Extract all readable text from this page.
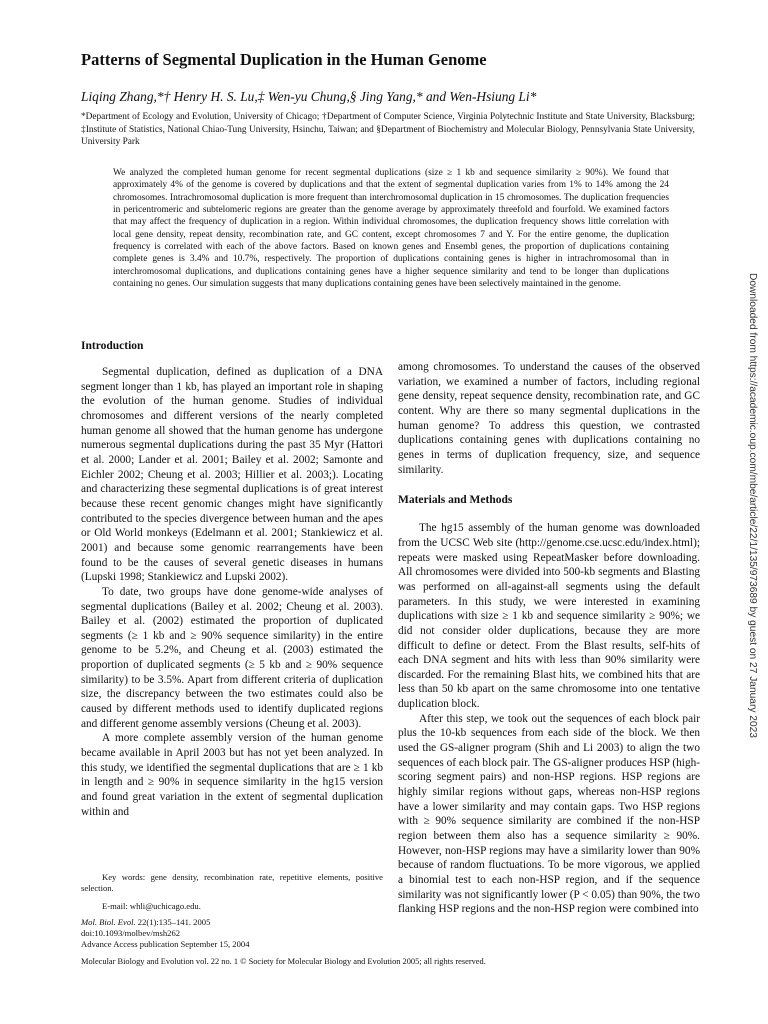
Patterns of Segmental Duplication in the Human Genome
Liqing Zhang,*† Henry H. S. Lu,‡ Wen-yu Chung,§ Jing Yang,* and Wen-Hsiung Li*
*Department of Ecology and Evolution, University of Chicago; †Department of Computer Science, Virginia Polytechnic Institute and State University, Blacksburg; ‡Institute of Statistics, National Chiao-Tung University, Hsinchu, Taiwan; and §Department of Biochemistry and Molecular Biology, Pennsylvania State University, University Park
We analyzed the completed human genome for recent segmental duplications (size ≥ 1 kb and sequence similarity ≥ 90%). We found that approximately 4% of the genome is covered by duplications and that the extent of segmental duplication varies from 1% to 14% among the 24 chromosomes. Intrachromosomal duplication is more frequent than interchromosomal duplication in 15 chromosomes. The duplication frequencies in pericentromeric and subtelomeric regions are greater than the genome average by approximately threefold and fourfold. We examined factors that may affect the frequency of duplication in a region. Within individual chromosomes, the duplication frequency shows little correlation with local gene density, repeat density, recombination rate, and GC content, except chromosomes 7 and Y. For the entire genome, the duplication frequency is correlated with each of the above factors. Based on known genes and Ensembl genes, the proportion of duplications containing complete genes is 3.4% and 10.7%, respectively. The proportion of duplications containing genes is higher in intrachromosomal than in interchromosomal duplications, and duplications containing genes have a higher sequence similarity and tend to be longer than duplications containing no genes. Our simulation suggests that many duplications containing genes have been selectively maintained in the genome.
Introduction

Segmental duplication, defined as duplication of a DNA segment longer than 1 kb, has played an important role in shaping the evolution of the human genome. Studies of individual chromosomes and different versions of the nearly completed human genome all showed that the human genome has undergone numerous segmental duplications during the past 35 Myr (Hattori et al. 2000; Lander et al. 2001; Bailey et al. 2002; Samonte and Eichler 2002; Cheung et al. 2003; Hillier et al. 2003;). Locating and characterizing these segmental duplications is of great interest because these recent genomic changes might have significantly contributed to the species divergence between human and the apes or Old World monkeys (Edelmann et al. 2001; Stankiewicz et al. 2001) and because some genomic rearrangements have been found to be the causes of several genetic diseases in humans (Lupski 1998; Stankiewicz and Lupski 2002).

To date, two groups have done genome-wide analyses of segmental duplications (Bailey et al. 2002; Cheung et al. 2003). Bailey et al. (2002) estimated the proportion of duplicated segments (≥ 1 kb and ≥ 90% sequence similarity) in the entire genome to be 5.2%, and Cheung et al. (2003) estimated the proportion of duplicated segments (≥ 5 kb and ≥ 90% sequence similarity) to be 3.5%. Apart from different criteria of duplication size, the discrepancy between the two estimates could also be caused by different methods used to identify duplicated regions and different genome assembly versions (Cheung et al. 2003).

A more complete assembly version of the human genome became available in April 2003 but has not yet been analyzed. In this study, we identified the segmental duplications that are ≥ 1 kb in length and ≥ 90% in sequence similarity in the hg15 version and found great variation in the extent of segmental duplication within and

Key words: gene density, recombination rate, repetitive elements, positive selection.

E-mail: whli@uchicago.edu.

Mol. Biol. Evol. 22(1):135–141. 2005

doi:10.1093/molbev/msh262

Advance Access publication September 15, 2004

among chromosomes. To understand the causes of the observed variation, we examined a number of factors, including regional gene density, repeat sequence density, recombination rate, and GC content. Why are there so many segmental duplications in the human genome? To address this question, we contrasted duplications containing genes with duplications containing no genes in terms of duplication frequency, size, and sequence similarity.

Materials and Methods

The hg15 assembly of the human genome was downloaded from the UCSC Web site (http://genome.cse.ucsc.edu/index.html); repeats were masked using RepeatMasker before downloading. All chromosomes were divided into 500-kb segments and Blasting was performed on all-against-all segments using the default parameters. In this study, we were interested in examining duplications with size ≥ 1 kb and sequence similarity ≥ 90%; we did not consider older duplications, because they are more difficult to define or detect. From the Blast results, self-hits of each DNA segment and hits with less than 90% similarity were discarded. For the remaining Blast hits, we combined hits that are less than 50 kb apart on the same chromosome into one tentative duplication block.

After this step, we took out the sequences of each block pair plus the 10-kb sequences from each side of the block. We then used the GS-aligner program (Shih and Li 2003) to align the two sequences of each block pair. The GS-aligner produces HSP (high-scoring segment pairs) and non-HSP regions. HSP regions are highly similar regions without gaps, whereas non-HSP regions have a lower similarity and may contain gaps. Two HSP regions with ≥ 90% sequence similarity are combined if the non-HSP region between them also has a sequence similarity ≥ 90%. However, non-HSP regions may have a similarity lower than 90% because of random fluctuations. To be more vigorous, we applied a binomial test to each non-HSP region, and if the sequence similarity was not significantly lower (P < 0.05) than 90%, the two flanking HSP regions and the non-HSP region were combined into

Molecular Biology and Evolution vol. 22 no. 1 © Society for Molecular Biology and Evolution 2005; all rights reserved.
Downloaded from https://academic.oup.com/mbe/article/22/1/135/973689 by guest on 27 January 2023
